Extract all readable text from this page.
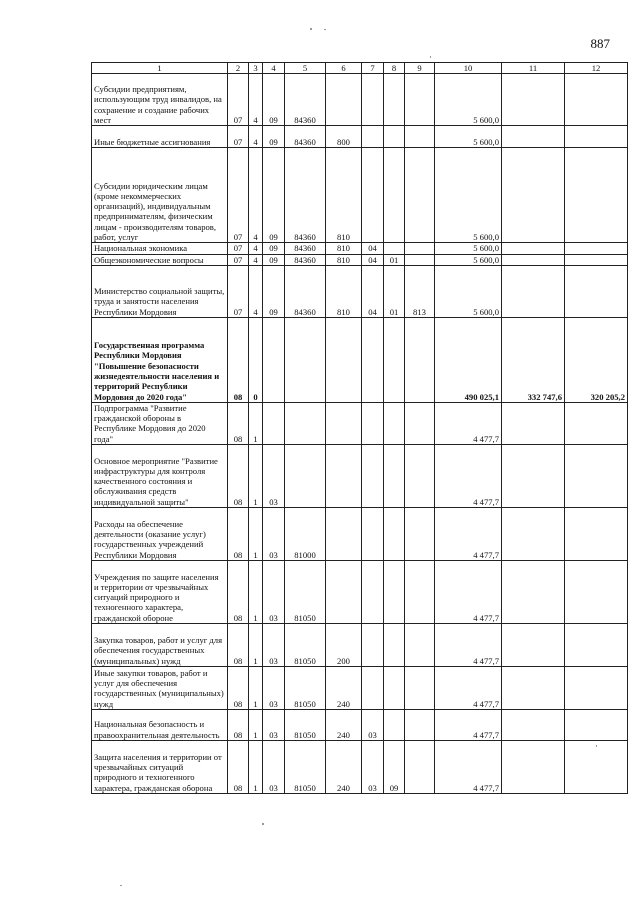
887
1	2	3	4	5	6	7	8	9	10	11	12
Субсидии предприятиям, использующим труд инвалидов, на сохранение и создание рабочих мест	07	4	09	84360					5 600,0		
Иные бюджетные ассигнования	07	4	09	84360	800				5 600,0		
Субсидии юридическим лицам (кроме некоммерческих организаций), индивидуальным предпринимателям, физическим лицам - производителям товаров, работ, услуг	07	4	09	84360	810				5 600,0		
Национальная экономика	07	4	09	84360	810	04			5 600,0		
Общеэкономические вопросы	07	4	09	84360	810	04	01		5 600,0		
Министерство социальной защиты, труда и занятости населения Республики Мордовия	07	4	09	84360	810	04	01	813	5 600,0		
Государственная программа Республики Мордовия "Повышение безопасности жизнедеятельности населения и территорий Республики Мордовия до 2020 года"	08	0							490 025,1	332 747,6	320 205,2
Подпрограмма "Развитие гражданской обороны в Республике Мордовия до 2020 года"	08	1							4 477,7		
Основное мероприятие "Развитие инфраструктуры для контроля качественного состояния и обслуживания средств индивидуальной защиты"	08	1	03						4 477,7		
Расходы на обеспечение деятельности (оказание услуг) государственных учреждений Республики Мордовия	08	1	03	81000					4 477,7		
Учреждения по защите населения и территории от чрезвычайных ситуаций природного и техногенного характера, гражданской обороне	08	1	03	81050					4 477,7		
Закупка товаров, работ и услуг для обеспечения государственных (муниципальных) нужд	08	1	03	81050	200				4 477,7		
Иные закупки товаров, работ и услуг для обеспечения государственных (муниципальных) нужд	08	1	03	81050	240				4 477,7		
Национальная безопасность и правоохранительная деятельность	08	1	03	81050	240	03			4 477,7		
Защита населения и территории от чрезвычайных ситуаций природного и техногенного характера, гражданская оборона	08	1	03	81050	240	03	09		4 477,7		
